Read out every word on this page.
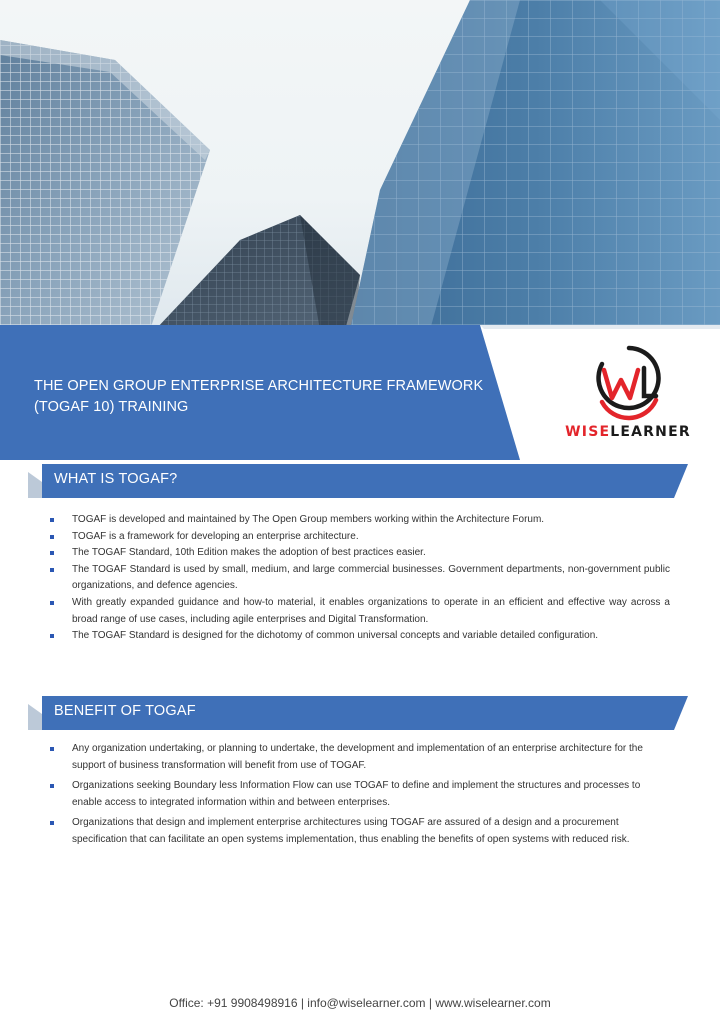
THE OPEN GROUP ENTERPRISE ARCHITECTURE FRAMEWORK
(TOGAF 10) TRAINING
WISELEARNER
WHAT IS TOGAF?
TOGAF is developed and maintained by The Open Group members working within the Architecture Forum.
TOGAF is a framework for developing an enterprise architecture.
The TOGAF Standard, 10th Edition makes the adoption of best practices easier.
The TOGAF Standard is used by small, medium, and large commercial businesses. Government departments, non-government public organizations, and defence agencies.
With greatly expanded guidance and how-to material, it enables organizations to operate in an efficient and effective way across a broad range of use cases, including agile enterprises and Digital Transformation.
The TOGAF Standard is designed for the dichotomy of common universal concepts and variable detailed configuration.
BENEFIT OF TOGAF
Any organization undertaking, or planning to undertake, the development and implementation of an enterprise architecture for the support of business transformation will benefit from use of TOGAF.
Organizations seeking Boundary less Information Flow can use TOGAF to define and implement the structures and processes to enable access to integrated information within and between enterprises.
Organizations that design and implement enterprise architectures using TOGAF are assured of a design and a procurement specification that can facilitate an open systems implementation, thus enabling the benefits of open systems with reduced risk.
Office: +91 9908498916 | info@wiselearner.com | www.wiselearner.com
